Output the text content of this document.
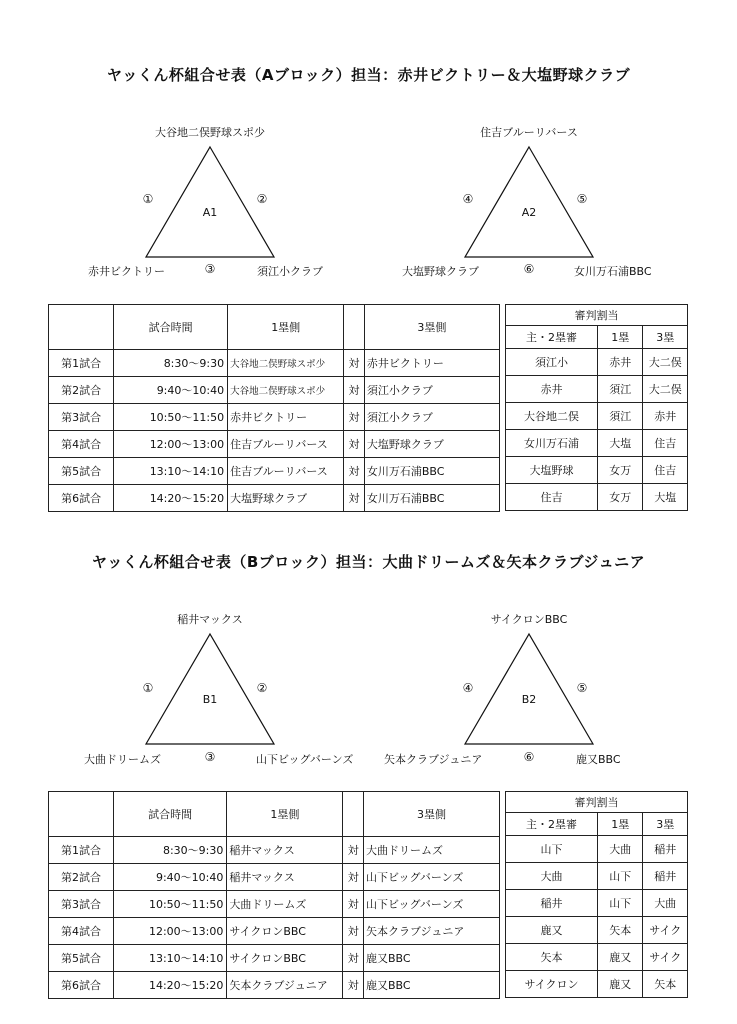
ヤッくん杯組合せ表（Aブロック）担当：赤井ビクトリー＆大塩野球クラブ
大谷地二俣野球スポ少
A1
①	②
③
赤井ビクトリー	須江小クラブ
住吉ブルーリバース
A2
④	⑤
⑥
大塩野球クラブ	女川万石浦BBC
	試合時間	1塁側		3塁側
第1試合	8:30～9:30	大谷地二俣野球スポ少	対	赤井ビクトリー
第2試合	9:40～10:40	大谷地二俣野球スポ少	対	須江小クラブ
第3試合	10:50～11:50	赤井ビクトリー	対	須江小クラブ
第4試合	12:00～13:00	住吉ブルーリバース	対	大塩野球クラブ
第5試合	13:10～14:10	住吉ブルーリバース	対	女川万石浦BBC
第6試合	14:20～15:20	大塩野球クラブ	対	女川万石浦BBC
審判割当		
主・2塁審	1塁	3塁
須江小	赤井	大二俣
赤井	須江	大二俣
大谷地二俣	須江	赤井
女川万石浦	大塩	住吉
大塩野球	女万	住吉
住吉	女万	大塩
ヤッくん杯組合せ表（Bブロック）担当：大曲ドリームズ＆矢本クラブジュニア
稲井マックス
B1
①	②
③
大曲ドリームズ	山下ビッグバーンズ
サイクロンBBC
B2
④	⑤
⑥
矢本クラブジュニア	鹿又BBC
	試合時間	1塁側		3塁側
第1試合	8:30～9:30	稲井マックス	対	大曲ドリームズ
第2試合	9:40～10:40	稲井マックス	対	山下ビッグバーンズ
第3試合	10:50～11:50	大曲ドリームズ	対	山下ビッグバーンズ
第4試合	12:00～13:00	サイクロンBBC	対	矢本クラブジュニア
第5試合	13:10～14:10	サイクロンBBC	対	鹿又BBC
第6試合	14:20～15:20	矢本クラブジュニア	対	鹿又BBC
審判割当		
主・2塁審	1塁	3塁
山下	大曲	稲井
大曲	山下	稲井
稲井	山下	大曲
鹿又	矢本	サイク
矢本	鹿又	サイク
サイクロン	鹿又	矢本
